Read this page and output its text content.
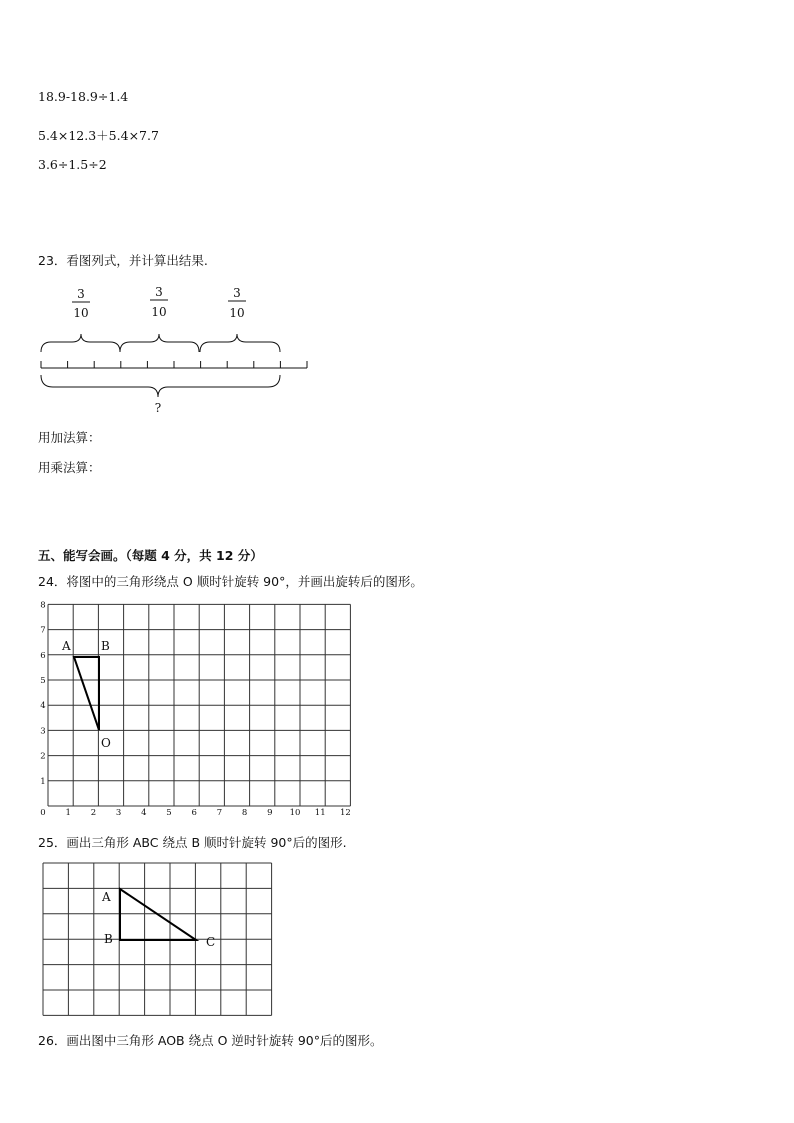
18.9-18.9÷1.4
5.4×12.3＋5.4×7.7
3.6÷1.5÷2
23．看图列式，并计算出结果.
3
10
3
10
3
10
?
用加法算：
用乘法算：
五、能写会画。（每题 4 分，共 12 分）
24．将图中的三角形绕点 O 顺时针旋转 90°，并画出旋转后的图形。
0 1 2 3 4 5 6 7 8 9 10 11 12
1
2
3
4
5
6
7
8
A	B
O
25．画出三角形 ABC 绕点 B 顺时针旋转 90°后的图形.
A
B	C
26．画出图中三角形 AOB 绕点 O 逆时针旋转 90°后的图形。
